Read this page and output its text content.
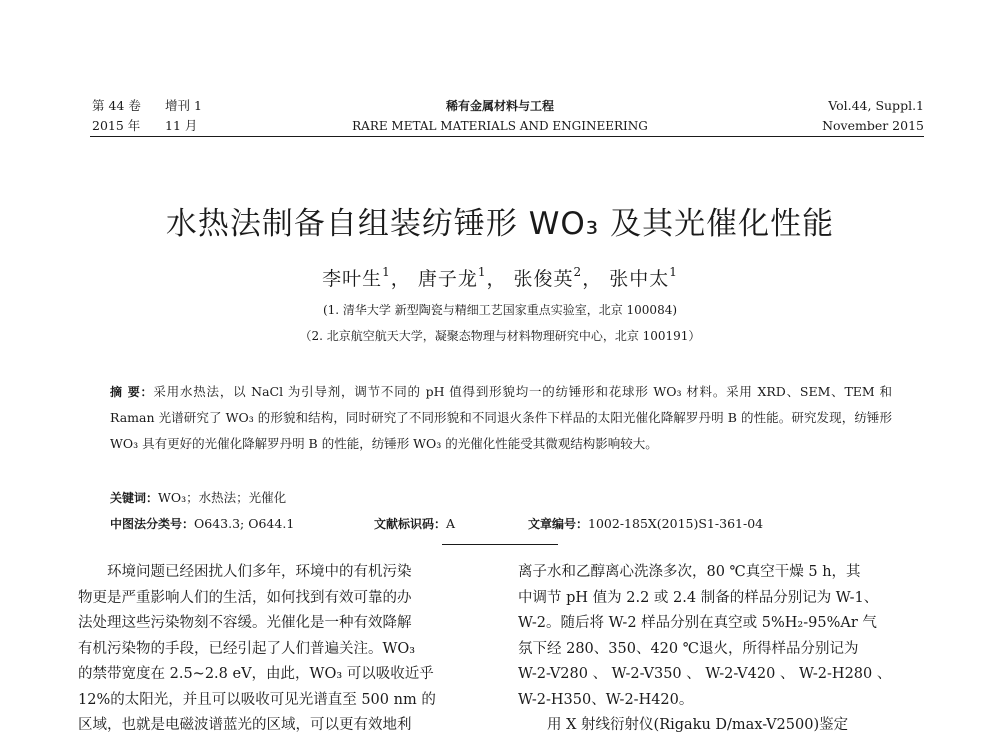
第 44 卷 增刊 1	稀有金属材料与工程	Vol.44, Suppl.1
2015 年 11 月	RARE METAL MATERIALS AND ENGINEERING	November 2015
水热法制备自组装纺锤形 WO₃ 及其光催化性能
李叶生$^1$， 唐子龙$^1$， 张俊英$^2$， 张中太$^1$
(1. 清华大学 新型陶瓷与精细工艺国家重点实验室，北京 100084)
（2. 北京航空航天大学，凝聚态物理与材料物理研究中心，北京 100191）
摘 要：采用水热法，以 NaCl 为引导剂，调节不同的 pH 值得到形貌均一的纺锤形和花球形 WO₃ 材料。采用 XRD、SEM、TEM 和 Raman 光谱研究了 WO₃ 的形貌和结构，同时研究了不同形貌和不同退火条件下样品的太阳光催化降解罗丹明 B 的性能。研究发现，纺锤形 WO₃ 具有更好的光催化降解罗丹明 B 的性能，纺锤形 WO₃ 的光催化性能受其微观结构影响较大。
关键词：WO₃；水热法；光催化
中图法分类号：O643.3; O644.1	文献标识码：A	文章编号：1002-185X(2015)S1-361-04
　　环境问题已经困扰人们多年，环境中的有机污染
物更是严重影响人们的生活，如何找到有效可靠的办
法处理这些污染物刻不容缓。光催化是一种有效降解
有机污染物的手段，已经引起了人们普遍关注。WO₃
的禁带宽度在 2.5~2.8 eV，由此，WO₃ 可以吸收近乎
12%的太阳光，并且可以吸收可见光谱直至 500 nm 的
区域，也就是电磁波谱蓝光的区域，可以更有效地利
离子水和乙醇离心洗涤多次，80 ℃真空干燥 5 h，其
中调节 pH 值为 2.2 或 2.4 制备的样品分别记为 W-1、
W-2。随后将 W-2 样品分别在真空或 5%H₂-95%Ar 气
氛下经 280、350、420 ℃退火，所得样品分别记为
W-2-V280 、 W-2-V350 、 W-2-V420 、 W-2-H280 、
W-2-H350、W-2-H420。
　　用 X 射线衍射仪(Rigaku D/max-V2500)鉴定
